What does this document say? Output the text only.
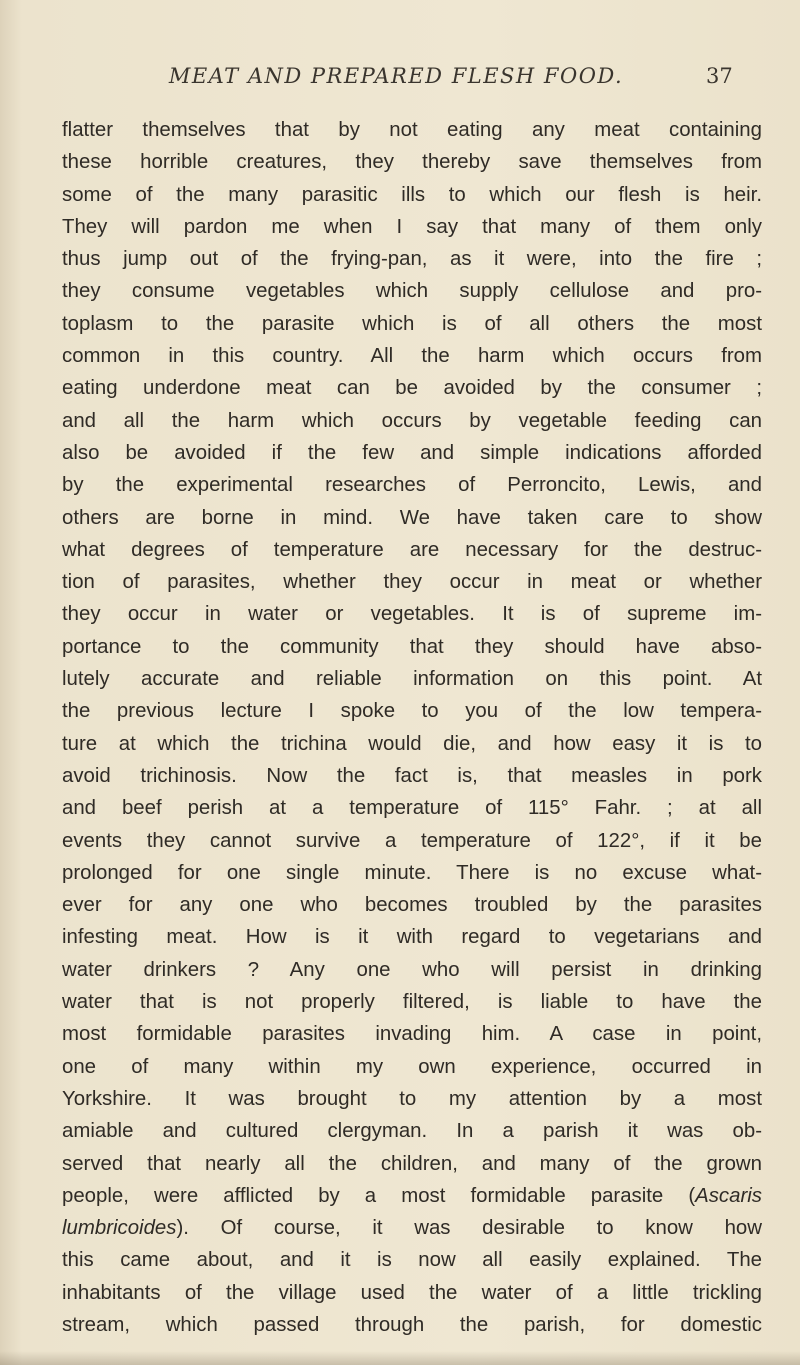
MEAT AND PREPARED FLESH FOOD.	37
flatter themselves that by not eating any meat containing
these horrible creatures, they thereby save themselves from
some of the many parasitic ills to which our flesh is heir.
They will pardon me when I say that many of them only
thus jump out of the frying-pan, as it were, into the fire ;
they consume vegetables which supply cellulose and pro-
toplasm to the parasite which is of all others the most
common in this country. All the harm which occurs from
eating underdone meat can be avoided by the consumer ;
and all the harm which occurs by vegetable feeding can
also be avoided if the few and simple indications afforded
by the experimental researches of Perroncito, Lewis, and
others are borne in mind. We have taken care to show
what degrees of temperature are necessary for the destruc-
tion of parasites, whether they occur in meat or whether
they occur in water or vegetables. It is of supreme im-
portance to the community that they should have abso-
lutely accurate and reliable information on this point. At
the previous lecture I spoke to you of the low tempera-
ture at which the trichina would die, and how easy it is to
avoid trichinosis. Now the fact is, that measles in pork
and beef perish at a temperature of 115° Fahr. ; at all
events they cannot survive a temperature of 122°, if it be
prolonged for one single minute. There is no excuse what-
ever for any one who becomes troubled by the parasites
infesting meat. How is it with regard to vegetarians and
water drinkers ? Any one who will persist in drinking
water that is not properly filtered, is liable to have the
most formidable parasites invading him. A case in point,
one of many within my own experience, occurred in
Yorkshire. It was brought to my attention by a most
amiable and cultured clergyman. In a parish it was ob-
served that nearly all the children, and many of the grown
people, were afflicted by a most formidable parasite (Ascaris
lumbricoides). Of course, it was desirable to know how
this came about, and it is now all easily explained. The
inhabitants of the village used the water of a little trickling
stream, which passed through the parish, for domestic
